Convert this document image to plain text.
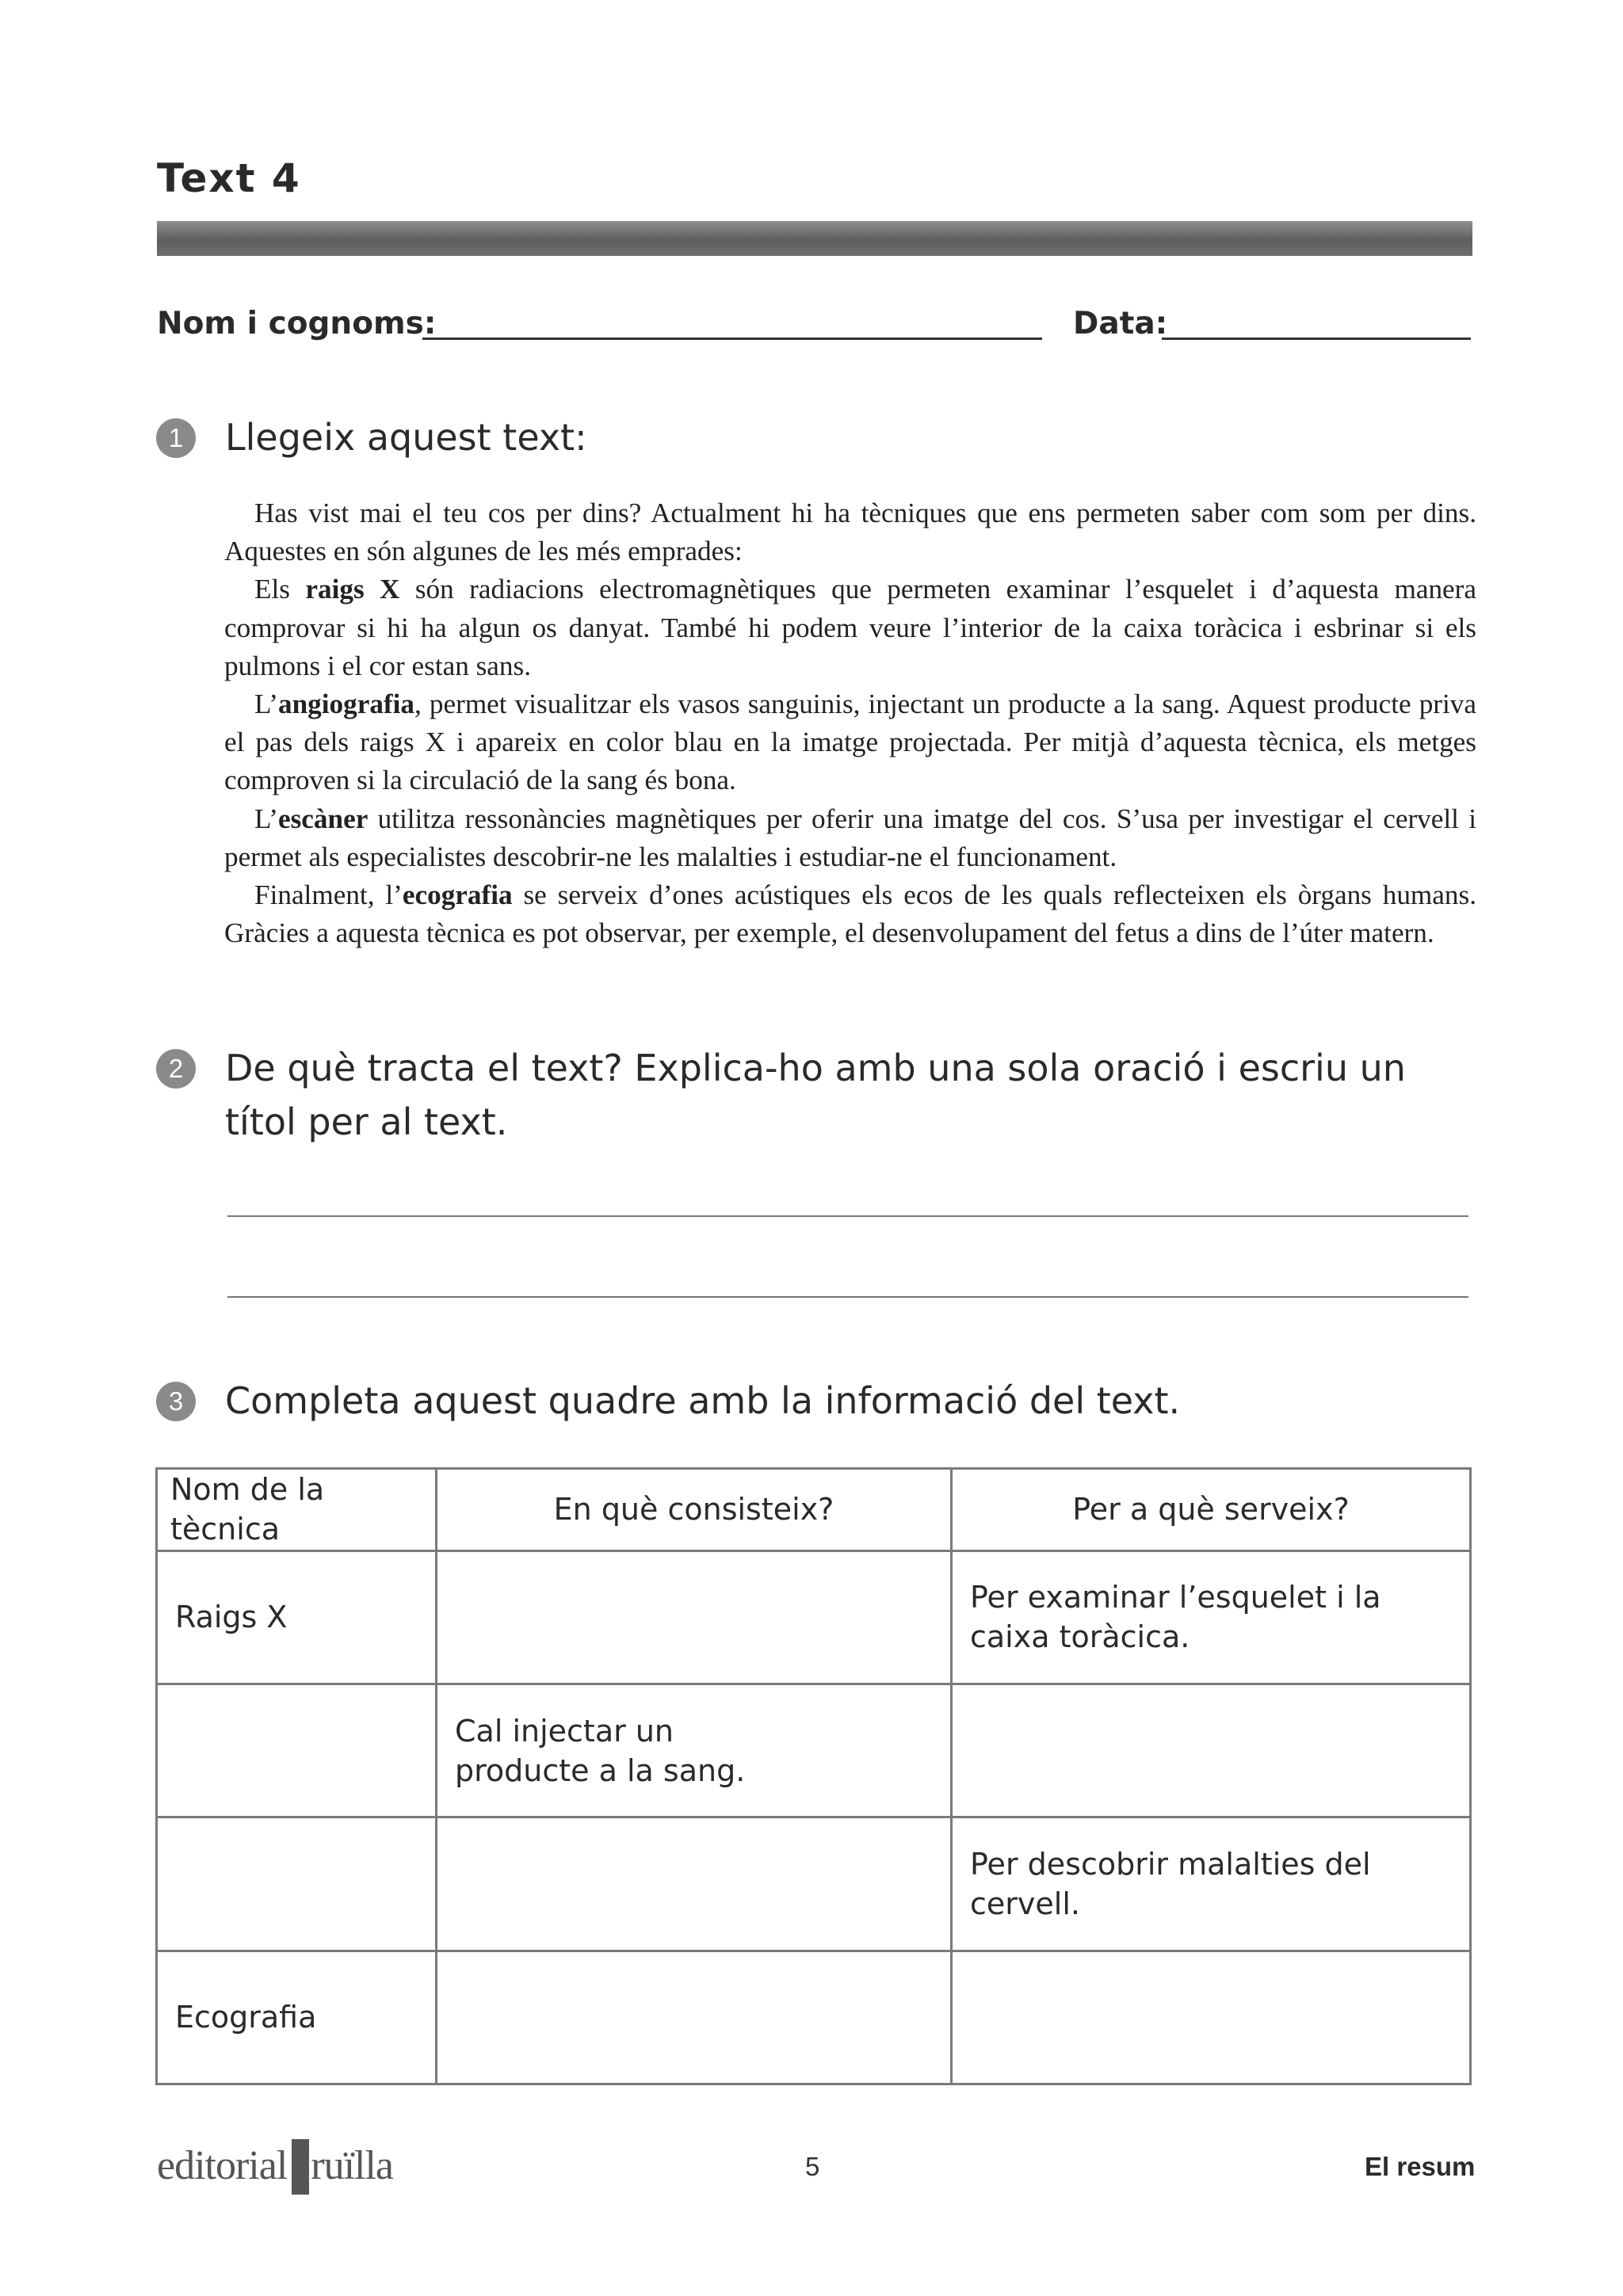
Text 4
Nom i cognoms:	Data:
1	Llegeix aquest text:

Has vist mai el teu cos per dins? Actualment hi ha tècniques que ens permeten saber com som per dins. Aquestes en són algunes de les més emprades:

Els raigs X són radiacions electromagnètiques que permeten examinar l’esquelet i d’aquesta manera comprovar si hi ha algun os danyat. També hi podem veure l’interior de la caixa toràcica i esbrinar si els pulmons i el cor estan sans.

L’angiografia, permet visualitzar els vasos sanguinis, injectant un producte a la sang. Aquest producte priva el pas dels raigs X i apareix en color blau en la imatge projectada. Per mitjà d’aquesta tècnica, els metges comproven si la circulació de la sang és bona.

L’escàner utilitza ressonàncies magnètiques per oferir una imatge del cos. S’usa per investigar el cervell i permet als especialistes descobrir-ne les malalties i estudiar-ne el funcionament.

Finalment, l’ecografia se serveix d’ones acústiques els ecos de les quals reflecteixen els òrgans humans. Gràcies a aquesta tècnica es pot observar, per exemple, el desenvolupament del fetus a dins de l’úter matern.

2	De què tracta el text? Explica-ho amb una sola oració i escriu un títol per al text.
3	Completa aquest quadre amb la informació del text.
Nom de la tècnica	En què consisteix?	Per a què serveix?
Raigs X		Per examinar l’esquelet i la caixa toràcica.
	Cal injectar un producte a la sang.	
		Per descobrir malalties del cervell.
Ecografia		
editorial ruïlla	5	El resum
